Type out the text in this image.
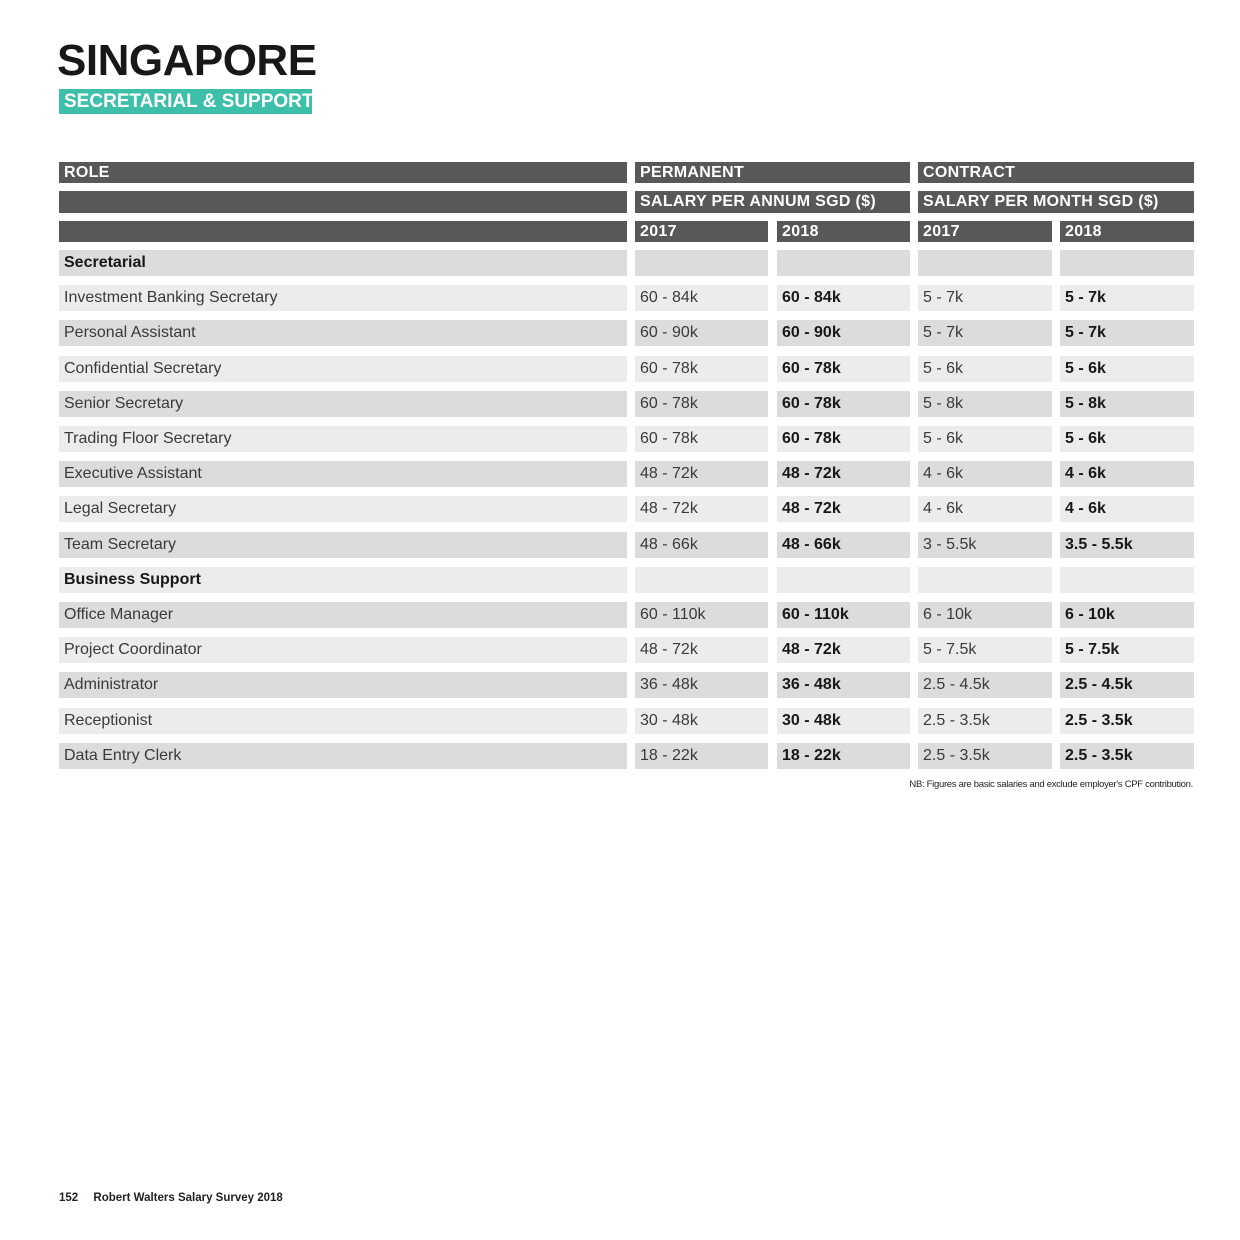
SINGAPORE
SECRETARIAL & SUPPORT
ROLE	PERMANENT	CONTRACT
SALARY PER ANNUM SGD ($)	SALARY PER MONTH SGD ($)
2017	2018	2017	2018
Secretarial
Investment Banking Secretary	60 - 84k	60 - 84k	5 - 7k	5 - 7k
Personal Assistant	60 - 90k	60 - 90k	5 - 7k	5 - 7k
Confidential Secretary	60 - 78k	60 - 78k	5 - 6k	5 - 6k
Senior Secretary	60 - 78k	60 - 78k	5 - 8k	5 - 8k
Trading Floor Secretary	60 - 78k	60 - 78k	5 - 6k	5 - 6k
Executive Assistant	48 - 72k	48 - 72k	4 - 6k	4 - 6k
Legal Secretary	48 - 72k	48 - 72k	4 - 6k	4 - 6k
Team Secretary	48 - 66k	48 - 66k	3 - 5.5k	3.5 - 5.5k
Business Support
Office Manager	60 - 110k	60 - 110k	6 - 10k	6 - 10k
Project Coordinator	48 - 72k	48 - 72k	5 - 7.5k	5 - 7.5k
Administrator	36 - 48k	36 - 48k	2.5 - 4.5k	2.5 - 4.5k
Receptionist	30 - 48k	30 - 48k	2.5 - 3.5k	2.5 - 3.5k
Data Entry Clerk	18 - 22k	18 - 22k	2.5 - 3.5k	2.5 - 3.5k
NB: Figures are basic salaries and exclude employer's CPF contribution.
152 Robert Walters Salary Survey 2018
